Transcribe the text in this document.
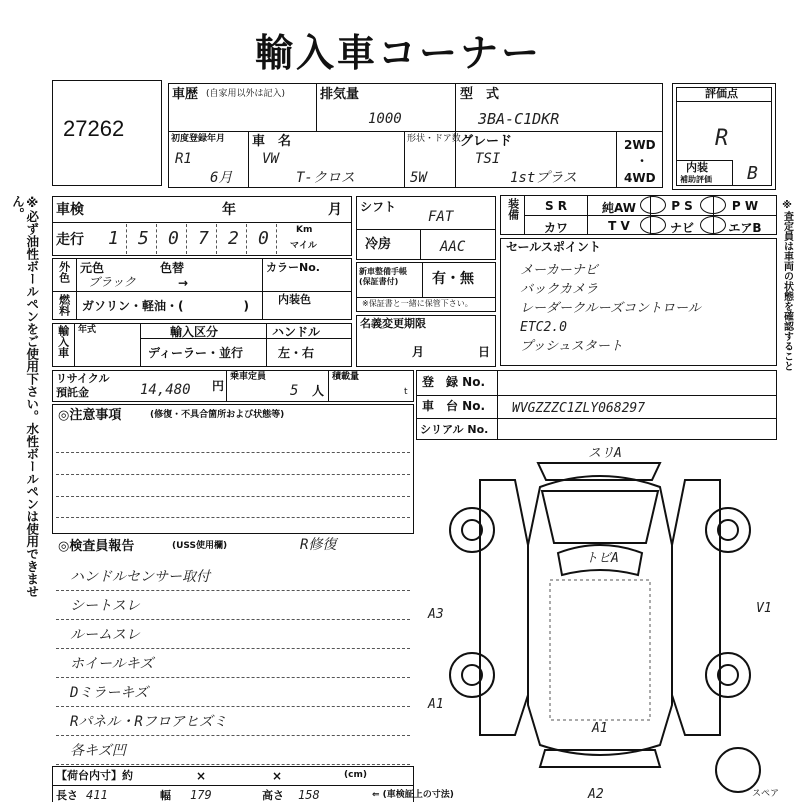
輸入車コーナー
※必ず油性ボールペンをご使用下さい。水性ボールペンは使用できません。	※査定員は車両の状態を確認すること
27262
車歴 (自家用以外は記入)	排気量
1000
型　式
3BA-C1DKR
初度登録年月
R1
6月
車　名
VW
T-クロス
形状・ドア数
5W
グレード
TSI
1stプラス
2WD
・
4WD
評価点
R
内装
補助評価 B
車検	年	月
走行 1 5 0 7 2 0	Km
マイル
シフト
FAT
冷房	AAC
装備	S R	純AW	P S	P W
カワ	T V	ナビ	エアB
外色 元色	色替	カラーNo.
ブラック	→
燃料 ガソリン・軽油・(　　　　　)	内装色
新車整備手帳
(保証書付)	有・無
※保証書と一緒に保管下さい。
セールスポイント
メーカーナビ
バックカメラ
レーダークルーズコントロール
ETC2.0
プッシュスタート
輸入車 年式	輸入区分
ディーラー・並行
ハンドル
左・右
名義変更期限
月	日
リサイクル
預託金	14,480 円
乗車定員
5 人
積載量
t
登　録 No.
車　台 No. WVGZZZC1ZLY068297
シリアル No.
◎注意事項	(修復・不具合箇所および状態等)
◎検査員報告	(USS使用欄)	R修復
ハンドルセンサー取付
シートスレ
ルームスレ
ホイールキズ
Dミラーキズ
Rパネル・Rフロアヒズミ
各キズ凹
スリA
トビA
A3	V1
A1
A1
A2	スペア
【荷台内寸】約	×	×	(cm)
長さ 411	幅 179	高さ 158	⇐ (車検証上の寸法)
